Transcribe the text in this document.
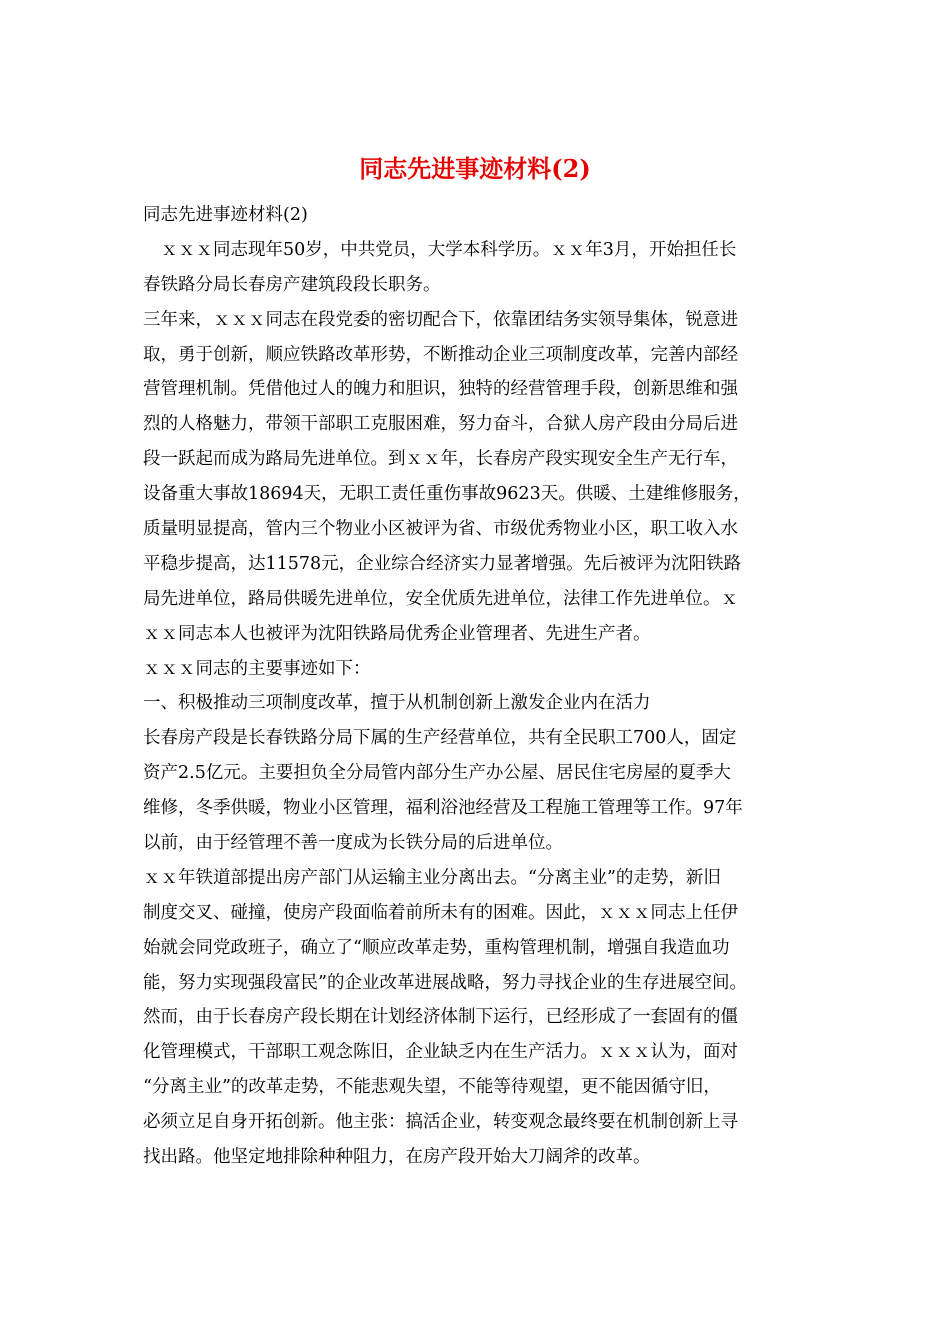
同志先进事迹材料(2)

同志先进事迹材料(2)
　ｘｘｘ同志现年50岁，中共党员，大学本科学历。ｘｘ年3月，开始担任长
春铁路分局长春房产建筑段段长职务。
三年来，ｘｘｘ同志在段党委的密切配合下，依靠团结务实领导集体，锐意进
取，勇于创新，顺应铁路改革形势，不断推动企业三项制度改革，完善内部经
营管理机制。凭借他过人的魄力和胆识，独特的经营管理手段，创新思维和强
烈的人格魅力，带领干部职工克服困难，努力奋斗，合狱人房产段由分局后进
段一跃起而成为路局先进单位。到ｘｘ年，长春房产段实现安全生产无行车，
设备重大事故18694天，无职工责任重伤事故9623天。供暖、土建维修服务，
质量明显提高，管内三个物业小区被评为省、市级优秀物业小区，职工收入水
平稳步提高，达11578元，企业综合经济实力显著增强。先后被评为沈阳铁路
局先进单位，路局供暖先进单位，安全优质先进单位，法律工作先进单位。ｘ
ｘｘ同志本人也被评为沈阳铁路局优秀企业管理者、先进生产者。
ｘｘｘ同志的主要事迹如下：
一、积极推动三项制度改革，擅于从机制创新上激发企业内在活力
长春房产段是长春铁路分局下属的生产经营单位，共有全民职工700人，固定
资产2.5亿元。主要担负全分局管内部分生产办公屋、居民住宅房屋的夏季大
维修，冬季供暖，物业小区管理，福利浴池经营及工程施工管理等工作。97年
以前，由于经管理不善一度成为长铁分局的后进单位。
ｘｘ年铁道部提出房产部门从运输主业分离出去。“分离主业”的走势，新旧
制度交叉、碰撞，使房产段面临着前所未有的困难。因此，ｘｘｘ同志上任伊
始就会同党政班子，确立了“顺应改革走势，重构管理机制，增强自我造血功
能，努力实现强段富民”的企业改革进展战略，努力寻找企业的生存进展空间。
然而，由于长春房产段长期在计划经济体制下运行，已经形成了一套固有的僵
化管理模式，干部职工观念陈旧，企业缺乏内在生产活力。ｘｘｘ认为，面对
“分离主业”的改革走势，不能悲观失望，不能等待观望，更不能因循守旧，
必须立足自身开拓创新。他主张：搞活企业，转变观念最终要在机制创新上寻
找出路。他坚定地排除种种阻力，在房产段开始大刀阔斧的改革。
